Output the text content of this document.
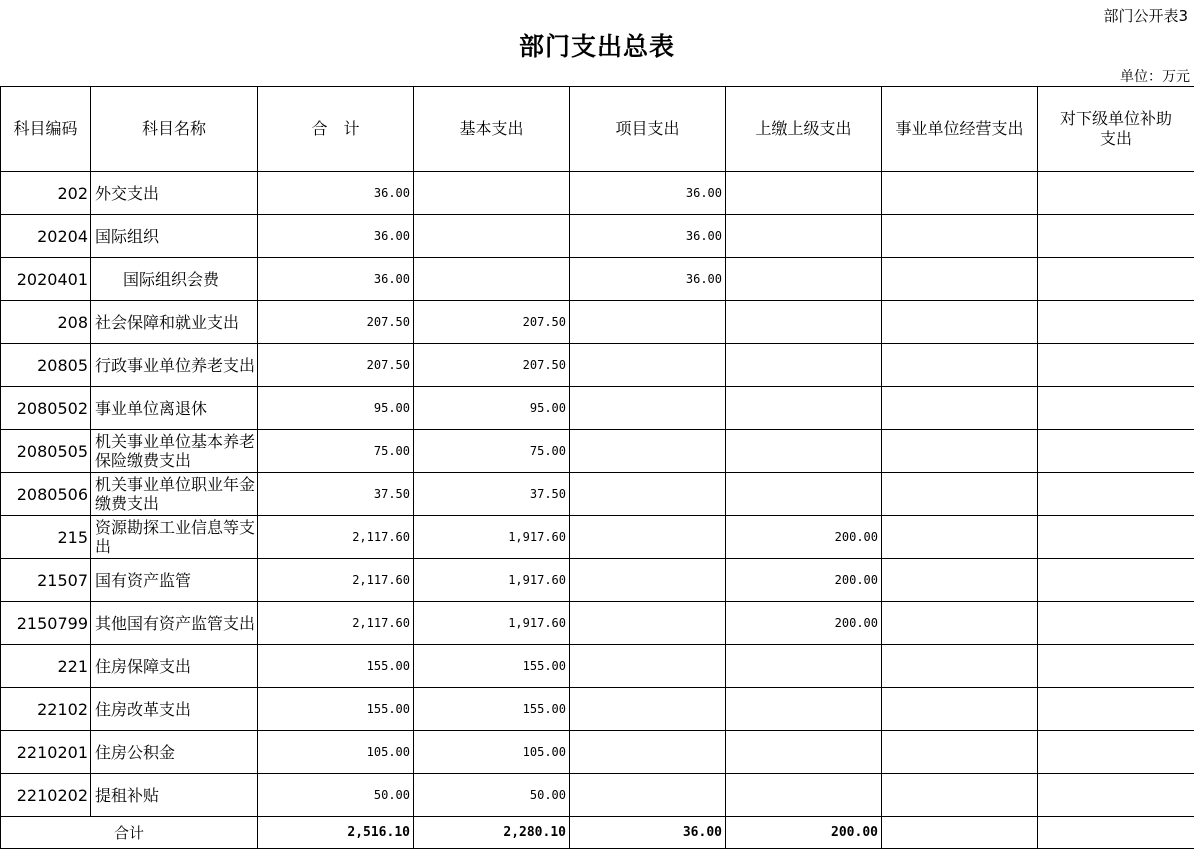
部门公开表3
部门支出总表
单位：万元
科目编码	科目名称	合　计	基本支出	项目支出	上缴上级支出	事业单位经营支出	对下级单位补助支出
202	外交支出	36.00		36.00			
20204	国际组织	36.00		36.00			
2020401	国际组织会费	36.00		36.00			
208	社会保障和就业支出	207.50	207.50				
20805	行政事业单位养老支出	207.50	207.50				
2080502	事业单位离退休	95.00	95.00				
2080505	机关事业单位基本养老保险缴费支出	75.00	75.00				
2080506	机关事业单位职业年金缴费支出	37.50	37.50				
215	资源勘探工业信息等支出	2,117.60	1,917.60		200.00		
21507	国有资产监管	2,117.60	1,917.60		200.00		
2150799	其他国有资产监管支出	2,117.60	1,917.60		200.00		
221	住房保障支出	155.00	155.00				
22102	住房改革支出	155.00	155.00				
2210201	住房公积金	105.00	105.00				
2210202	提租补贴	50.00	50.00				
合计		2,516.10	2,280.10	36.00	200.00		
